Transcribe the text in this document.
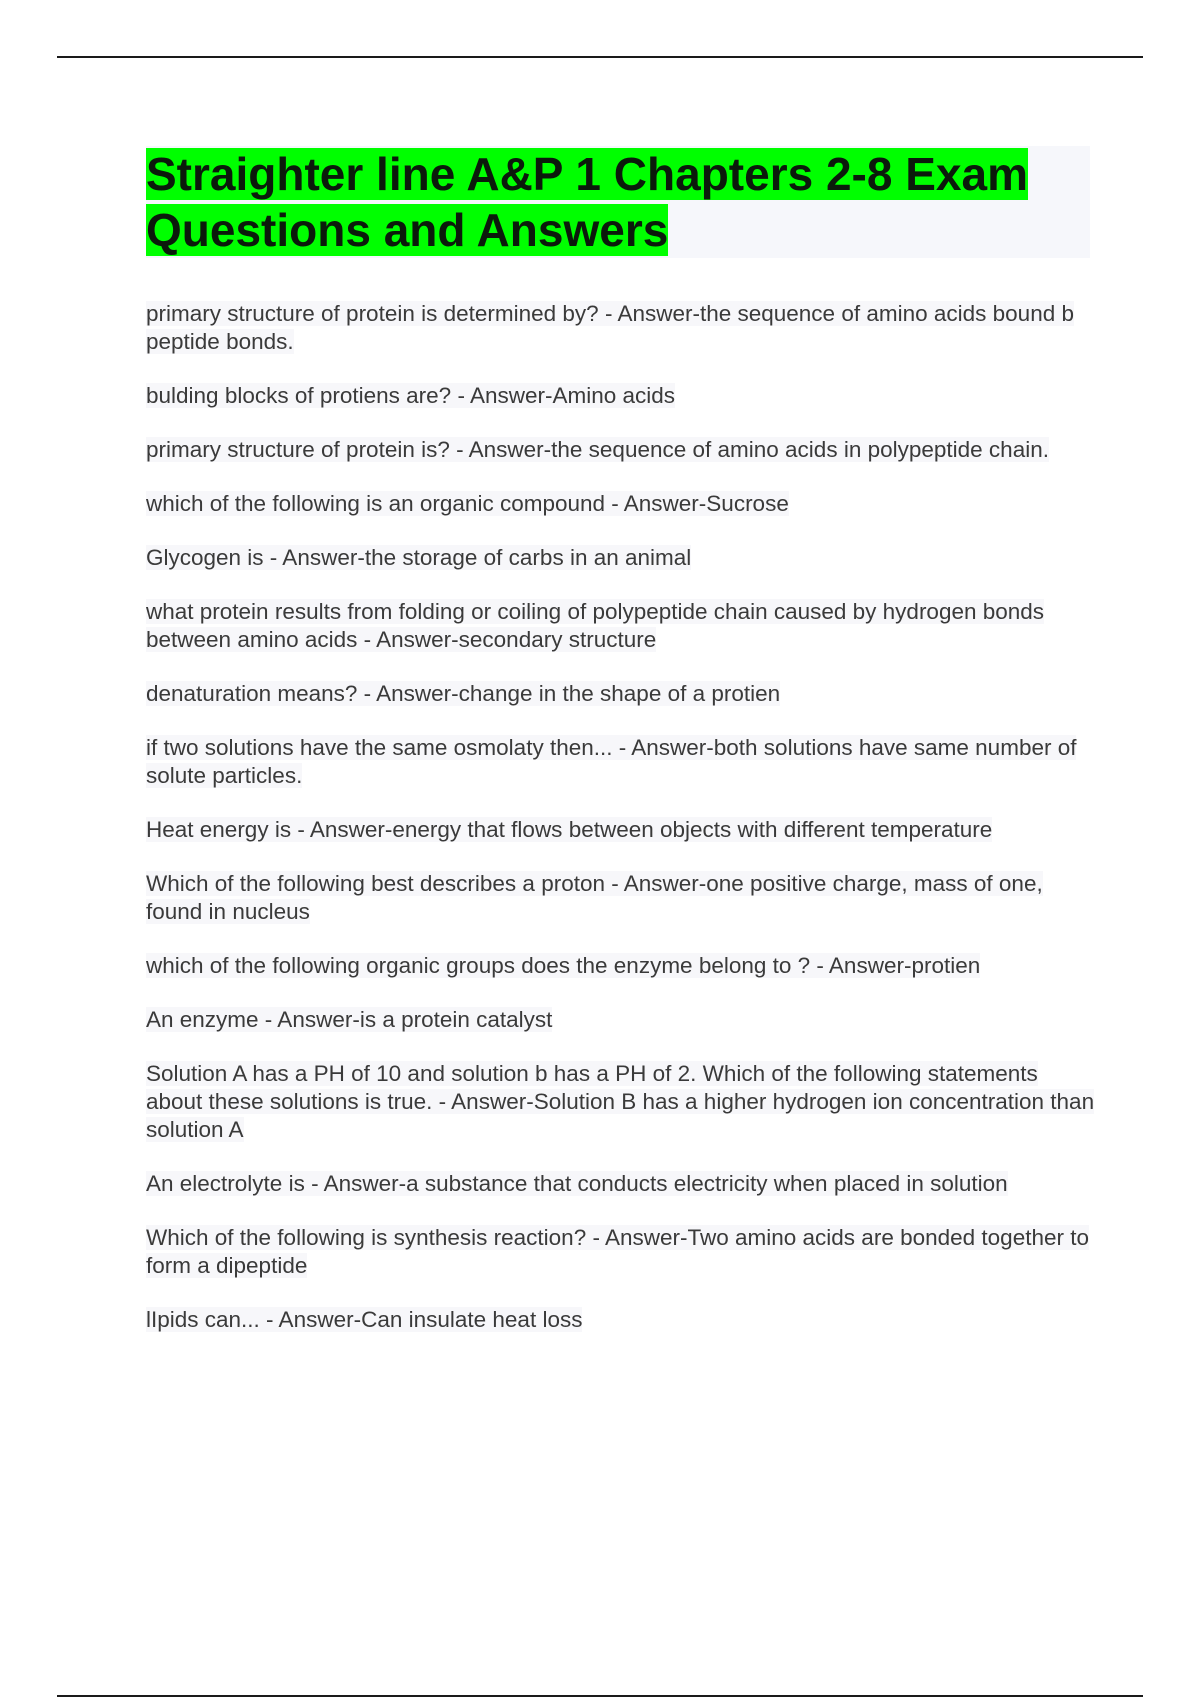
Straighter line A&P 1 Chapters 2-8 Exam Questions and Answers
primary structure of protein is determined by? - Answer-the sequence of amino acids bound b peptide bonds.
bulding blocks of protiens are? - Answer-Amino acids
primary structure of protein is? - Answer-the sequence of amino acids in polypeptide chain.
which of the following is an organic compound - Answer-Sucrose
Glycogen is - Answer-the storage of carbs in an animal
what protein results from folding or coiling of polypeptide chain caused by hydrogen bonds between amino acids - Answer-secondary structure
denaturation means? - Answer-change in the shape of a protien
if two solutions have the same osmolaty then... - Answer-both solutions have same number of solute particles.
Heat energy is - Answer-energy that flows between objects with different temperature
Which of the following best describes a proton - Answer-one positive charge, mass of one, found in nucleus
which of the following organic groups does the enzyme belong to ? - Answer-protien
An enzyme - Answer-is a protein catalyst
Solution A has a PH of 10 and solution b has a PH of 2. Which of the following statements about these solutions is true. - Answer-Solution B has a higher hydrogen ion concentration than solution A
An electrolyte is - Answer-a substance that conducts electricity when placed in solution
Which of the following is synthesis reaction? - Answer-Two amino acids are bonded together to form a dipeptide
lIpids can... - Answer-Can insulate heat loss
